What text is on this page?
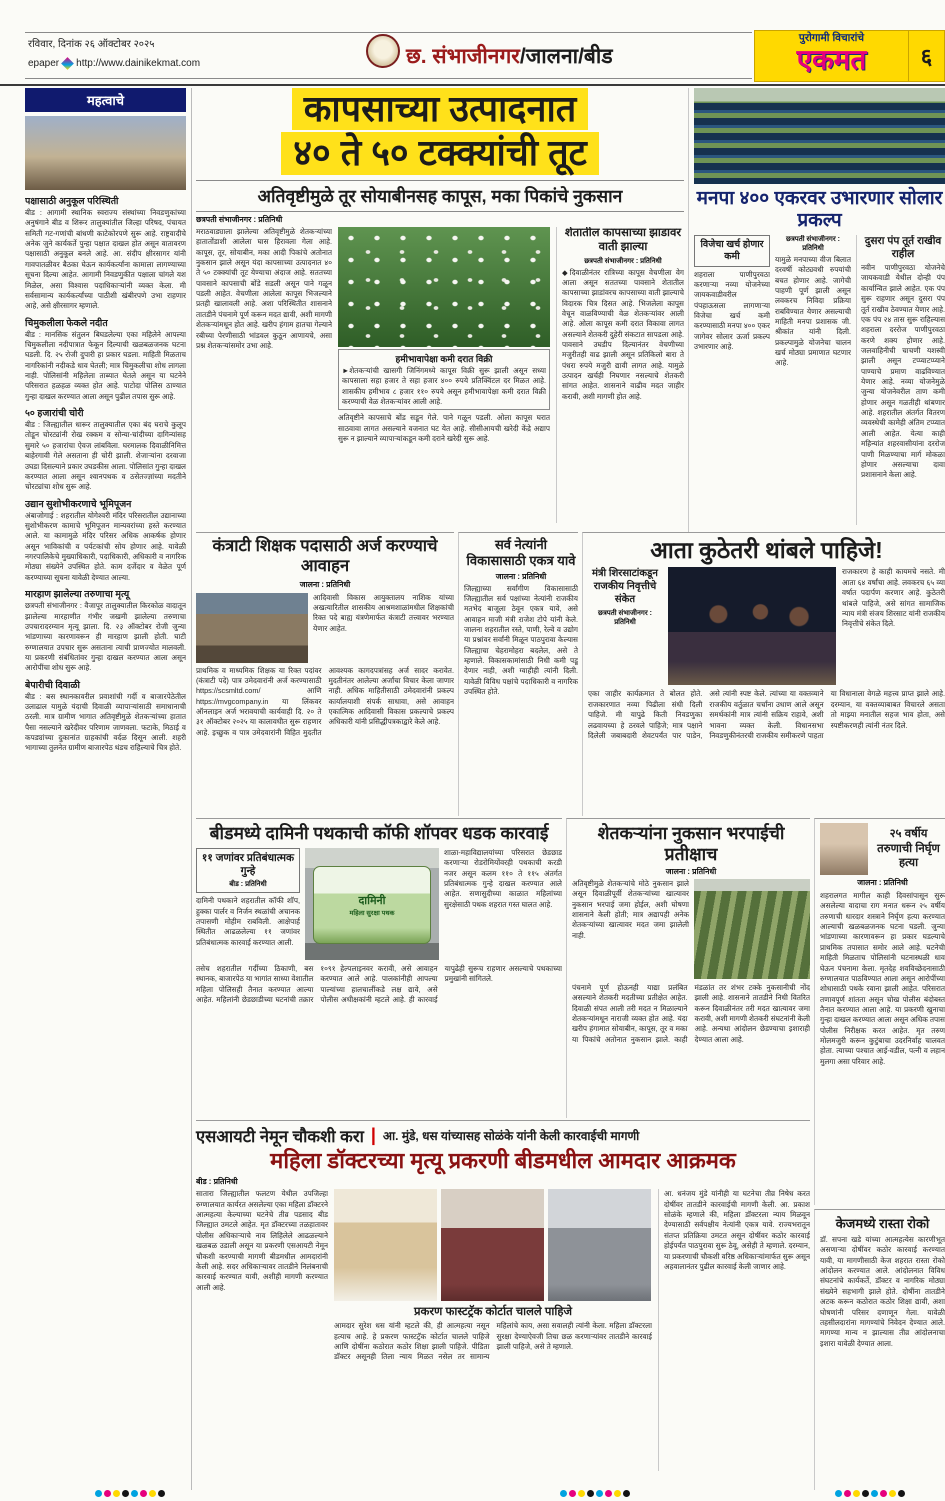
रविवार, दिनांक २६ ऑक्टोबर २०२५
epaper http://www.dainikekmat.com	छ. संभाजीनगर/जालना/बीड
पुरोगामी विचारांचे
एकमत	६
महत्वाचे
पक्षासाठी अनुकूल परिस्थिती
बीड : आगामी स्थानिक स्वराज्य संस्थांच्या निवडणुकांच्या अनुषंगाने बीड व शिरूर तालुक्यांतील जिल्हा परिषद, पंचायत समिती गट-गणांची बांधणी काटेकोरपणे सुरू आहे. राष्ट्रवादीचे अनेक जुने कार्यकर्ते पुन्हा पक्षात दाखल होत असून वातावरण पक्षासाठी अनुकूल बनले आहे. आ. संदीप क्षीरसागर यांनी गावपातळीवर बैठका घेऊन कार्यकर्त्यांना कामाला लागण्याच्या सूचना दिल्या आहेत. आगामी निवडणुकीत पक्षाला चांगले यश मिळेल, असा विश्वास पदाधिकाऱ्यांनी व्यक्त केला. मी सर्वसामान्य कार्यकर्त्यांच्या पाठीशी खंबीरपणे उभा राहणार आहे, असे क्षीरसागर म्हणाले.
चिमुकलीला फेकले नदीत
बीड : मानसिक संतुलन बिघडलेल्या एका महिलेने आपल्या चिमुकलीला नदीपात्रात फेकून दिल्याची खळबळजनक घटना घडली. दि. २५ रोजी दुपारी हा प्रकार घडला. माहिती मिळताच नागरिकांनी नदीकडे धाव घेतली; मात्र चिमुकलीचा शोध लागला नाही. पोलिसांनी महिलेला ताब्यात घेतले असून या घटनेने परिसरात हळहळ व्यक्त होत आहे. पाटोदा पोलिस ठाण्यात गुन्हा दाखल करण्यात आला असून पुढील तपास सुरू आहे.
५० हजारांची चोरी
बीड : जिल्ह्यातील धारूर तालुक्यातील एका बंद घराचे कुलूप तोडून चोरट्यांनी रोख रक्कम व सोन्या-चांदीच्या दागिन्यांसह सुमारे ५० हजारांचा ऐवज लांबविला. घरमालक दिवाळीनिमित्त बाहेरगावी गेले असताना ही चोरी झाली. शेजाऱ्यांना दरवाजा उघडा दिसल्याने प्रकार उघडकीस आला. पोलिसांत गुन्हा दाखल करण्यात आला असून श्वानपथक व ठसेतज्ज्ञांच्या मदतीने चोरट्यांचा शोध सुरू आहे.
उद्यान सुशोभीकरणाचे भूमिपूजन
अंबाजोगाई : शहरातील योगेश्वरी मंदिर परिसरातील उद्यानाच्या सुशोभीकरण कामाचे भूमिपूजन मान्यवरांच्या हस्ते करण्यात आले. या कामामुळे मंदिर परिसर अधिक आकर्षक होणार असून भाविकांची व पर्यटकांची सोय होणार आहे. यावेळी नगरपालिकेचे मुख्याधिकारी, पदाधिकारी, अधिकारी व नागरिक मोठ्या संख्येने उपस्थित होते. काम दर्जेदार व वेळेत पूर्ण करण्याच्या सूचना यावेळी देण्यात आल्या.
मारहाण झालेल्या तरुणाचा मृत्यू
छत्रपती संभाजीनगर : वैजापूर तालुक्यातील किरकोळ वादातून झालेल्या मारहाणीत गंभीर जखमी झालेल्या तरुणाचा उपचारादरम्यान मृत्यू झाला. दि. २३ ऑक्टोबर रोजी जुन्या भांडणाच्या कारणावरून ही मारहाण झाली होती. घाटी रुग्णालयात उपचार सुरू असताना त्याची प्राणज्योत मालवली. या प्रकरणी संबंधितांवर गुन्हा दाखल करण्यात आला असून आरोपींचा शोध सुरू आहे.
बेपारीची दिवाळी
बीड : बस स्थानकावरील प्रवाशांची गर्दी व बाजारपेठेतील उलाढाल यामुळे यंदाची दिवाळी व्यापाऱ्यांसाठी समाधानाची ठरली. मात्र ग्रामीण भागात अतिवृष्टीमुळे शेतकऱ्यांच्या हातात पैसा नसल्याने खरेदीवर परिणाम जाणवला. फटाके, मिठाई व कपड्यांच्या दुकानांत ग्राहकांची वर्दळ दिसून आली. शहरी भागाच्या तुलनेत ग्रामीण बाजारपेठ थंडच राहिल्याचे चित्र होते.
कापसाच्या उत्पादनात
४० ते ५० टक्क्यांची तूट
अतिवृष्टीमुळे तूर सोयाबीनसह कापूस, मका पिकांचे नुकसान
छत्रपती संभाजीनगर : प्रतिनिधी
मराठवाड्याला झालेल्या अतिवृष्टीमुळे शेतकऱ्यांच्या हातातोंडाशी आलेला घास हिरावला गेला आहे. कापूस, तूर, सोयाबीन, मका आदी पिकांचे अतोनात नुकसान झाले असून यंदा कापसाच्या उत्पादनात ४० ते ५० टक्क्यांची तूट येण्याचा अंदाज आहे. सततच्या पावसाने कापसाची बोंडे सडली असून पाने गळून पडली आहेत. वेचणीला आलेला कापूस भिजल्याने प्रतही खालावली आहे. अशा परिस्थितीत शासनाने तातडीने पंचनामे पूर्ण करून मदत द्यावी, अशी मागणी शेतकऱ्यांमधून होत आहे. खरीप हंगाम हातचा गेल्याने रबीच्या पेरणीसाठी भांडवल कुठून आणायचे, असा प्रश्न शेतकऱ्यांसमोर उभा आहे.
हमीभावापेक्षा कमी दरात विक्री
►शेतकऱ्यांची खासगी जिनिंगमध्ये कापूस विक्री सुरू झाली असून सध्या कापसाला सहा हजार ते सहा हजार ४०० रुपये प्रतिक्विंटल दर मिळत आहे. शासकीय हमीभाव ८ हजार ११० रुपये असून हमीभावापेक्षा कमी दरात विक्री करण्याची वेळ शेतकऱ्यांवर आली आहे.
अतिवृष्टीने कापसाचे बोंड सडून गेले. पाने गळून पडली. ओला कापूस घरात साठवावा लागत असल्याने वजनात घट येत आहे. सीसीआयची खरेदी केंद्रे अद्याप सुरू न झाल्याने व्यापाऱ्यांकडून कमी दराने खरेदी सुरू आहे.
शेतातील कापसाच्या झाडावर वाती झाल्या
छत्रपती संभाजीनगर : प्रतिनिधी
◆दिवाळीनंतर रात्रिच्या कापूस वेचणीला वेग आला असून सततच्या पावसाने शेतातील कापसाच्या झाडांवरच कापसाच्या वाती झाल्याचे विदारक चित्र दिसत आहे. भिजलेला कापूस वेचून वाळविण्याची वेळ शेतकऱ्यांवर आली आहे. ओला कापूस कमी दरात विकावा लागत असल्याने शेतकरी दुहेरी संकटात सापडला आहे. पावसाने उघडीप दिल्यानंतर वेचणीच्या मजुरीतही वाढ झाली असून प्रतिकिलो बारा ते पंधरा रुपये मजुरी द्यावी लागत आहे. यामुळे उत्पादन खर्चही निघणार नसल्याचे शेतकरी सांगत आहेत. शासनाने वाढीव मदत जाहीर करावी, अशी मागणी होत आहे.
मनपा ४०० एकरवर उभारणार सोलार प्रकल्प
विजेचा खर्च होणार कमी
शहराला पाणीपुरवठा करणाऱ्या नव्या योजनेच्या जायकवाडीवरील पंपहाऊसला लागणाऱ्या विजेचा खर्च कमी करण्यासाठी मनपा ४०० एकर जागेवर सोलार ऊर्जा प्रकल्प उभारणार आहे.
छत्रपती संभाजीनगर : प्रतिनिधी
यामुळे मनपाच्या वीज बिलात दरवर्षी कोट्यवधी रुपयांची बचत होणार आहे. जागेची पाहणी पूर्ण झाली असून लवकरच निविदा प्रक्रिया राबविण्यात येणार असल्याची माहिती मनपा प्रशासक जी. श्रीकांत यांनी दिली. प्रकल्पामुळे योजनेचा चालन खर्च मोठ्या प्रमाणात घटणार आहे.
दुसरा पंप तूर्त राखीव राहील
नवीन पाणीपुरवठा योजनेचे जायकवाडी येथील दोन्ही पंप कार्यान्वित झाले आहेत. एक पंप सुरू राहणार असून दुसरा पंप तूर्त राखीव ठेवण्यात येणार आहे. एक पंप २४ तास सुरू राहिल्यास शहराला दररोज पाणीपुरवठा करणे शक्य होणार आहे. जलवाहिनीची चाचणी यशस्वी झाली असून टप्प्याटप्प्याने पाण्याचे प्रमाण वाढविण्यात येणार आहे. नव्या योजनेमुळे जुन्या योजनेवरील ताण कमी होणार असून गळतीही थांबणार आहे. शहरातील अंतर्गत वितरण व्यवस्थेची कामेही अंतिम टप्प्यात आली आहेत. येत्या काही महिन्यांत शहरवासीयांना दररोज पाणी मिळण्याचा मार्ग मोकळा होणार असल्याचा दावा प्रशासनाने केला आहे.
कंत्राटी शिक्षक पदासाठी अर्ज करण्याचे आवाहन
जालना : प्रतिनिधी
आदिवासी विकास आयुक्तालय नाशिक यांच्या अखत्यारितील शासकीय आश्रमशाळांमधील शिक्षकांची रिक्त पदे बाह्य यंत्रणेमार्फत कंत्राटी तत्त्वावर भरण्यात येणार आहेत.
प्राथमिक व माध्यमिक शिक्षक या रिक्त पदांवर (कंत्राटी पदे) पात्र उमेदवारांनी अर्ज करण्यासाठी https://scsmltd.com/ आणि https://mvgcompany.in या लिंकवर ऑनलाइन अर्ज भरावयाची कार्यवाही दि. २० ते ३१ ऑक्टोबर २०२५ या कालावधीत सुरू राहणार आहे. इच्छुक व पात्र उमेदवारांनी विहित मुदतीत आवश्यक कागदपत्रांसह अर्ज सादर करावेत. मुदतीनंतर आलेल्या अर्जांचा विचार केला जाणार नाही. अधिक माहितीसाठी उमेदवारांनी प्रकल्प कार्यालयाशी संपर्क साधावा, असे आवाहन एकात्मिक आदिवासी विकास प्रकल्पाचे प्रकल्प अधिकारी यांनी प्रसिद्धीपत्रकाद्वारे केले आहे.
सर्व नेत्यांनी विकासासाठी एकत्र यावे
जालना : प्रतिनिधी
जिल्ह्याच्या सर्वांगीण विकासासाठी जिल्ह्यातील सर्व पक्षांच्या नेत्यांनी राजकीय मतभेद बाजूला ठेवून एकत्र यावे, असे आवाहन माजी मंत्री राजेश टोपे यांनी केले. जालना शहरातील रस्ते, पाणी, रेल्वे व उद्योग या प्रश्नांवर सर्वांनी मिळून पाठपुरावा केल्यास जिल्ह्याचा चेहरामोहरा बदलेल, असे ते म्हणाले. विकासकामांसाठी निधी कमी पडू देणार नाही, अशी ग्वाहीही त्यांनी दिली. यावेळी विविध पक्षांचे पदाधिकारी व नागरिक उपस्थित होते.
आता कुठेतरी थांबले पाहिजे!
मंत्री शिरसाटांकडून राजकीय निवृत्तीचे संकेत
छत्रपती संभाजीनगर : प्रतिनिधी
राजकारण हे काही कायमचे नसते. मी आता ६४ वर्षांचा आहे. लवकरच ६५ व्या वर्षात पदार्पण करणार आहे. कुठेतरी थांबले पाहिजे, असे सांगत सामाजिक न्याय मंत्री संजय शिरसाट यांनी राजकीय निवृत्तीचे संकेत दिले.
एका जाहीर कार्यक्रमात ते बोलत होते. राजकारणात नव्या पिढीला संधी दिली पाहिजे. मी यापुढे किती निवडणुका लढवायच्या हे ठरवले पाहिजे; मात्र पक्षाने दिलेली जबाबदारी शेवटपर्यंत पार पाडेन, असे त्यांनी स्पष्ट केले. त्यांच्या या वक्तव्याने राजकीय वर्तुळात चर्चांना उधाण आले असून समर्थकांनी मात्र त्यांनी सक्रिय राहावे, अशी भावना व्यक्त केली. विधानसभा निवडणुकीनंतरची राजकीय समीकरणे पाहता या विधानाला वेगळे महत्त्व प्राप्त झाले आहे. दरम्यान, या वक्तव्याबाबत विचारले असता तो माझ्या मनातील सहज भाव होता, असे स्पष्टीकरणही त्यांनी नंतर दिले.
बीडमध्ये दामिनी पथकाची कॉफी शॉपवर धडक कारवाई
११ जणांवर प्रतिबंधात्मक गुन्हे
बीड : प्रतिनिधी
दामिनी पथकाने शहरातील कॉफी शॉप, हुक्का पार्लर व निर्जन स्थळांची अचानक तपासणी मोहीम राबविली. आक्षेपार्ह स्थितीत आढळलेल्या ११ जणांवर प्रतिबंधात्मक कारवाई करण्यात आली.
दामिनी
महिला सुरक्षा पथक
शाळा-महाविद्यालयांच्या परिसरात छेडछाड करणाऱ्या रोडरोमियोंवरही पथकाची करडी नजर असून कलम ११० ते ११५ अंतर्गत प्रतिबंधात्मक गुन्हे दाखल करण्यात आले आहेत. सणासुदीच्या काळात महिलांच्या सुरक्षेसाठी पथक शहरात गस्त घालत आहे.
तसेच शहरातील गर्दीच्या ठिकाणी, बस स्थानक, बाजारपेठ या भागांत साध्या वेशातील महिला पोलिसही तैनात करण्यात आल्या आहेत. महिलांनी छेडछाडीच्या घटनांची तक्रार १०९१ हेल्पलाइनवर करावी, असे आवाहन करण्यात आले आहे. पालकांनीही आपल्या पाल्यांच्या हालचालींकडे लक्ष द्यावे, असे पोलीस अधीक्षकांनी म्हटले आहे. ही कारवाई यापुढेही सुरूच राहणार असल्याचे पथकाच्या प्रमुखांनी सांगितले.
शेतकऱ्यांना नुकसान भरपाईची प्रतीक्षाच
जालना : प्रतिनिधी
अतिवृष्टीमुळे शेतकऱ्यांचे मोठे नुकसान झाले असून दिवाळीपूर्वी शेतकऱ्यांच्या खात्यावर नुकसान भरपाई जमा होईल, अशी घोषणा शासनाने केली होती; मात्र अद्यापही अनेक शेतकऱ्यांच्या खात्यावर मदत जमा झालेली नाही.
पंचनामे पूर्ण होऊनही याद्या प्रलंबित असल्याने शेतकरी मदतीच्या प्रतीक्षेत आहेत. दिवाळी संपत आली तरी मदत न मिळाल्याने शेतकऱ्यांमधून नाराजी व्यक्त होत आहे. यंदा खरीप हंगामात सोयाबीन, कापूस, तूर व मका या पिकांचे अतोनात नुकसान झाले. काही मंडळांत तर शंभर टक्के नुकसानीची नोंद झाली आहे. शासनाने तातडीने निधी वितरित करून दिवाळीनंतर तरी मदत खात्यावर जमा करावी, अशी मागणी शेतकरी संघटनांनी केली आहे. अन्यथा आंदोलन छेडण्याचा इशाराही देण्यात आला आहे.
२५ वर्षीय तरुणाची निर्घृण हत्या
जालना : प्रतिनिधी
शहरालगत मागील काही दिवसांपासून सुरू असलेल्या वादाचा राग मनात धरून २५ वर्षीय तरुणाची धारदार शस्त्राने निर्घृण हत्या करण्यात आल्याची खळबळजनक घटना घडली. जुन्या भांडणाच्या कारणावरून हा प्रकार घडल्याचे प्राथमिक तपासात समोर आले आहे. घटनेची माहिती मिळताच पोलिसांनी घटनास्थळी धाव घेऊन पंचनामा केला. मृतदेह शवविच्छेदनासाठी रुग्णालयात पाठविण्यात आला असून आरोपींच्या शोधासाठी पथके रवाना झाली आहेत. परिसरात तणावपूर्ण शांतता असून चोख पोलीस बंदोबस्त तैनात करण्यात आला आहे. या प्रकरणी खुनाचा गुन्हा दाखल करण्यात आला असून अधिक तपास पोलीस निरीक्षक करत आहेत. मृत तरुण मोलमजुरी करून कुटुंबाचा उदरनिर्वाह चालवत होता. त्याच्या पश्चात आई-वडील, पत्नी व लहान मुलगा असा परिवार आहे.
एसआयटी नेमून चौकशी करा | आ. मुंडे, धस यांच्यासह सोळंके यांनी केली कारवाईची मागणी
महिला डॉक्टरच्या मृत्यू प्रकरणी बीडमधील आमदार आक्रमक
बीड : प्रतिनिधी
सातारा जिल्ह्यातील फलटण येथील उपजिल्हा रुग्णालयात कार्यरत असलेल्या एका महिला डॉक्टरने आत्महत्या केल्याच्या घटनेचे तीव्र पडसाद बीड जिल्ह्यात उमटले आहेत. मृत डॉक्टरच्या तळहातावर पोलीस अधिकाऱ्याचे नाव लिहिलेले आढळल्याने खळबळ उडाली असून या प्रकरणी एसआयटी नेमून चौकशी करण्याची मागणी बीडमधील आमदारांनी केली आहे. सदर अधिकाऱ्यावर तातडीने निलंबनाची कारवाई करण्यात यावी, अशीही मागणी करण्यात आली आहे.
प्रकरण फास्टट्रॅक कोर्टात चालले पाहिजे
आमदार सुरेश धस यांनी म्हटले की, ही आत्महत्या नसून हत्याच आहे. हे प्रकरण फास्टट्रॅक कोर्टात चालले पाहिजे आणि दोषींना कठोरात कठोर शिक्षा झाली पाहिजे. पीडिता डॉक्टर असूनही तिला न्याय मिळत नसेल तर सामान्य महिलांचे काय, असा सवालही त्यांनी केला. महिला डॉक्टरला सुरक्षा देण्याऐवजी तिचा छळ करणाऱ्यांवर तातडीने कारवाई झाली पाहिजे, असे ते म्हणाले.
आ. धनंजय मुंडे यांनीही या घटनेचा तीव्र निषेध करत दोषींवर तातडीने कारवाईची मागणी केली. आ. प्रकाश सोळंके म्हणाले की, महिला डॉक्टरला न्याय मिळवून देण्यासाठी सर्वपक्षीय नेत्यांनी एकत्र यावे. राज्यभरातून संतप्त प्रतिक्रिया उमटत असून दोषींवर कठोर कारवाई होईपर्यंत पाठपुरावा सुरू ठेवू, असेही ते म्हणाले. दरम्यान, या प्रकरणाची चौकशी वरिष्ठ अधिकाऱ्यांमार्फत सुरू असून अहवालानंतर पुढील कारवाई केली जाणार आहे.
केजमध्ये रास्ता रोको
डॉ. सपना खडे यांच्या आत्महत्येस कारणीभूत असणाऱ्या दोषींवर कठोर कारवाई करण्यात यावी, या मागणीसाठी केज शहरात रास्ता रोको आंदोलन करण्यात आले. आंदोलनात विविध संघटनांचे कार्यकर्ते, डॉक्टर व नागरिक मोठ्या संख्येने सहभागी झाले होते. दोषींना तातडीने अटक करून कठोरात कठोर शिक्षा द्यावी, अशा घोषणांनी परिसर दणाणून गेला. यावेळी तहसीलदारांना मागण्यांचे निवेदन देण्यात आले. मागण्या मान्य न झाल्यास तीव्र आंदोलनाचा इशारा यावेळी देण्यात आला.
